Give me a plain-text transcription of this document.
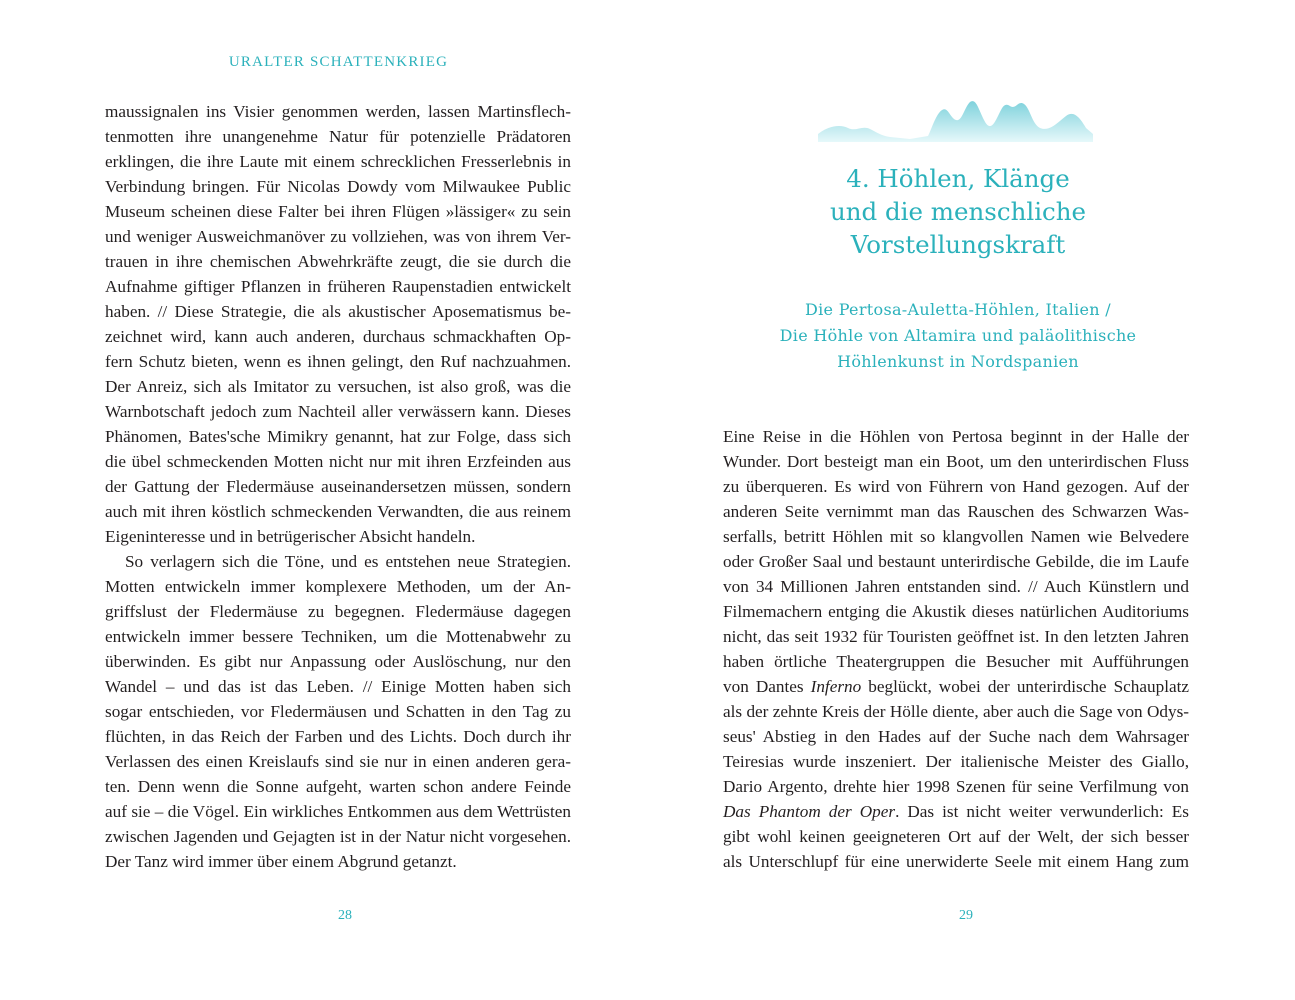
URALTER SCHATTENKRIEG
maussignalen ins Visier genommen werden, lassen Martinsflech-
tenmotten ihre unangenehme Natur für potenzielle Prädatoren
erklingen, die ihre Laute mit einem schrecklichen Fresserlebnis in
Verbindung bringen. Für Nicolas Dowdy vom Milwaukee Public
Museum scheinen diese Falter bei ihren Flügen »lässiger« zu sein
und weniger Ausweichmanöver zu vollziehen, was von ihrem Ver-
trauen in ihre chemischen Abwehrkräfte zeugt, die sie durch die
Aufnahme giftiger Pflanzen in früheren Raupenstadien entwickelt
haben. // Diese Strategie, die als akustischer Aposematismus be-
zeichnet wird, kann auch anderen, durchaus schmackhaften Op-
fern Schutz bieten, wenn es ihnen gelingt, den Ruf nachzuahmen.
Der Anreiz, sich als Imitator zu versuchen, ist also groß, was die
Warnbotschaft jedoch zum Nachteil aller verwässern kann. Dieses
Phänomen, Bates'sche Mimikry genannt, hat zur Folge, dass sich
die übel schmeckenden Motten nicht nur mit ihren Erzfeinden aus
der Gattung der Fledermäuse auseinandersetzen müssen, sondern
auch mit ihren köstlich schmeckenden Verwandten, die aus reinem
Eigeninteresse und in betrügerischer Absicht handeln.
So verlagern sich die Töne, und es entstehen neue Strategien.
Motten entwickeln immer komplexere Methoden, um der An-
griffslust der Fledermäuse zu begegnen. Fledermäuse dagegen
entwickeln immer bessere Techniken, um die Mottenabwehr zu
überwinden. Es gibt nur Anpassung oder Auslöschung, nur den
Wandel – und das ist das Leben. // Einige Motten haben sich
sogar entschieden, vor Fledermäusen und Schatten in den Tag zu
flüchten, in das Reich der Farben und des Lichts. Doch durch ihr
Verlassen des einen Kreislaufs sind sie nur in einen anderen gera-
ten. Denn wenn die Sonne aufgeht, warten schon andere Feinde
auf sie – die Vögel. Ein wirkliches Entkommen aus dem Wettrüsten
zwischen Jagenden und Gejagten ist in der Natur nicht vorgesehen.
Der Tanz wird immer über einem Abgrund getanzt.
28
4. Höhlen, Klänge
und die menschliche
Vorstellungskraft
Die Pertosa-Auletta-Höhlen, Italien /
Die Höhle von Altamira und paläolithische
Höhlenkunst in Nordspanien
Eine Reise in die Höhlen von Pertosa beginnt in der Halle der
Wunder. Dort besteigt man ein Boot, um den unterirdischen Fluss
zu überqueren. Es wird von Führern von Hand gezogen. Auf der
anderen Seite vernimmt man das Rauschen des Schwarzen Was-
serfalls, betritt Höhlen mit so klangvollen Namen wie Belvedere
oder Großer Saal und bestaunt unterirdische Gebilde, die im Laufe
von 34 Millionen Jahren entstanden sind. // Auch Künstlern und
Filmemachern entging die Akustik dieses natürlichen Auditoriums
nicht, das seit 1932 für Touristen geöffnet ist. In den letzten Jahren
haben örtliche Theatergruppen die Besucher mit Aufführungen
von Dantes Inferno beglückt, wobei der unterirdische Schauplatz
als der zehnte Kreis der Hölle diente, aber auch die Sage von Odys-
seus' Abstieg in den Hades auf der Suche nach dem Wahrsager
Teiresias wurde inszeniert. Der italienische Meister des Giallo,
Dario Argento, drehte hier 1998 Szenen für seine Verfilmung von
Das Phantom der Oper. Das ist nicht weiter verwunderlich: Es
gibt wohl keinen geeigneteren Ort auf der Welt, der sich besser
als Unterschlupf für eine unerwiderte Seele mit einem Hang zum
29
